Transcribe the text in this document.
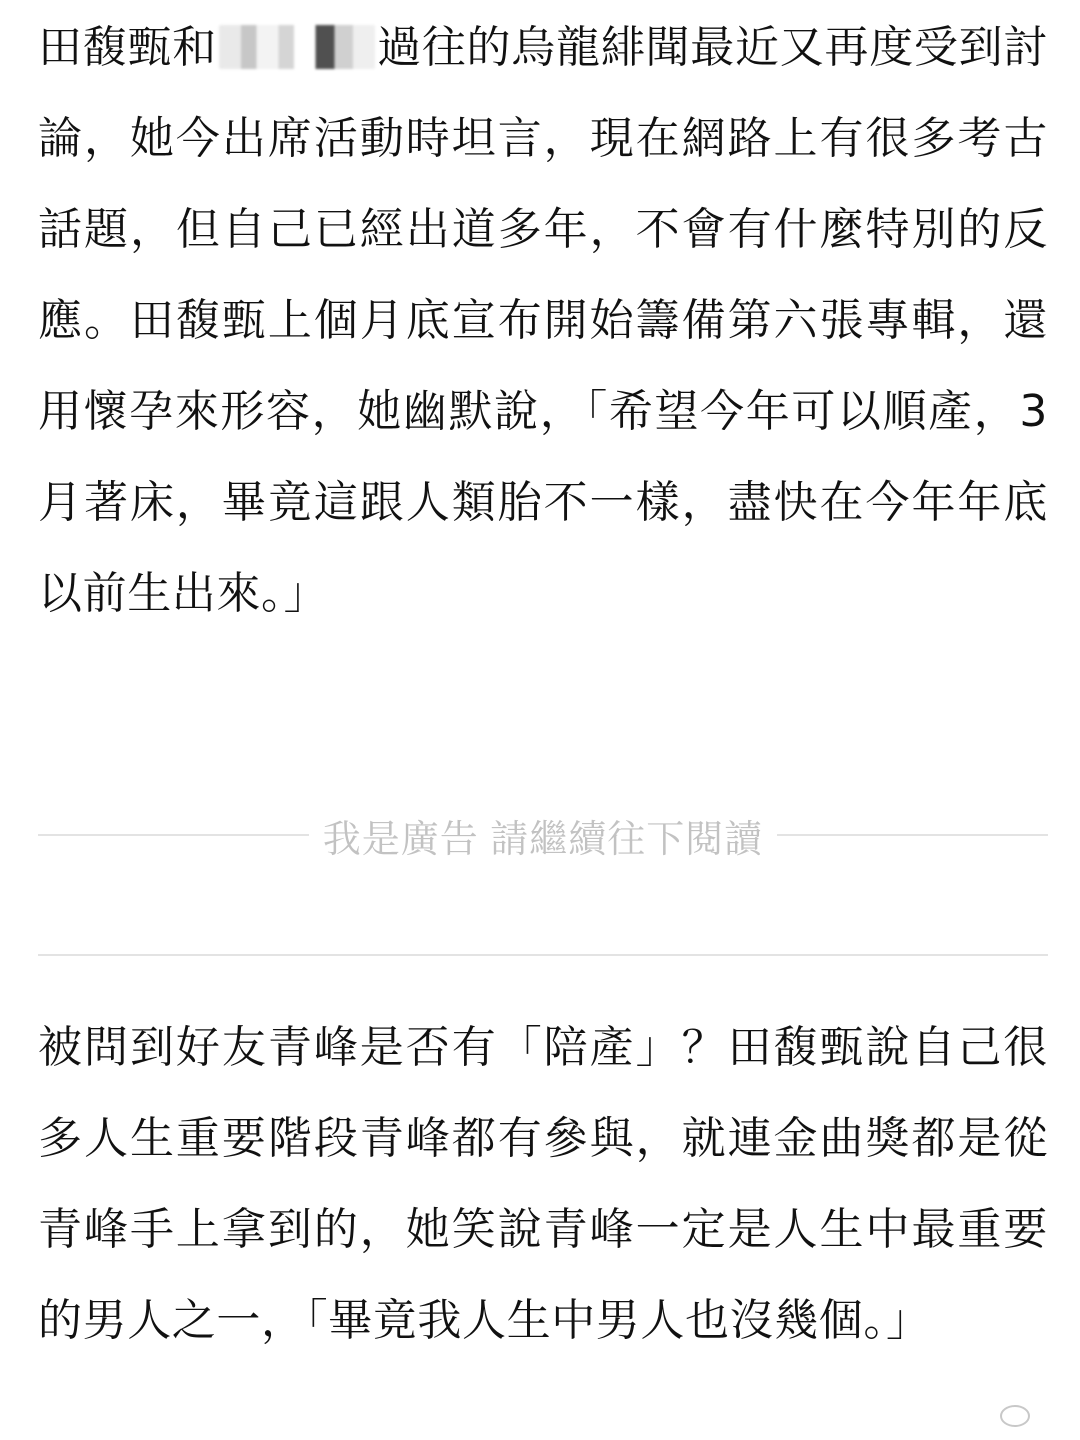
田馥甄和	過往的烏龍緋聞最近又再度受到討論，她今出席活動時坦言，現在網路上有很多考古話題，但自己已經出道多年，不會有什麼特別的反應。田馥甄上個月底宣布開始籌備第六張專輯，還用懷孕來形容，她幽默說，「希望今年可以順產，3月著床，畢竟這跟人類胎不一樣，盡快在今年年底以前生出來。」

我是廣告 請繼續往下閱讀

被問到好友青峰是否有「陪產」？田馥甄說自己很多人生重要階段青峰都有參與，就連金曲獎都是從青峰手上拿到的，她笑說青峰一定是人生中最重要的男人之一，「畢竟我人生中男人也沒幾個。」
